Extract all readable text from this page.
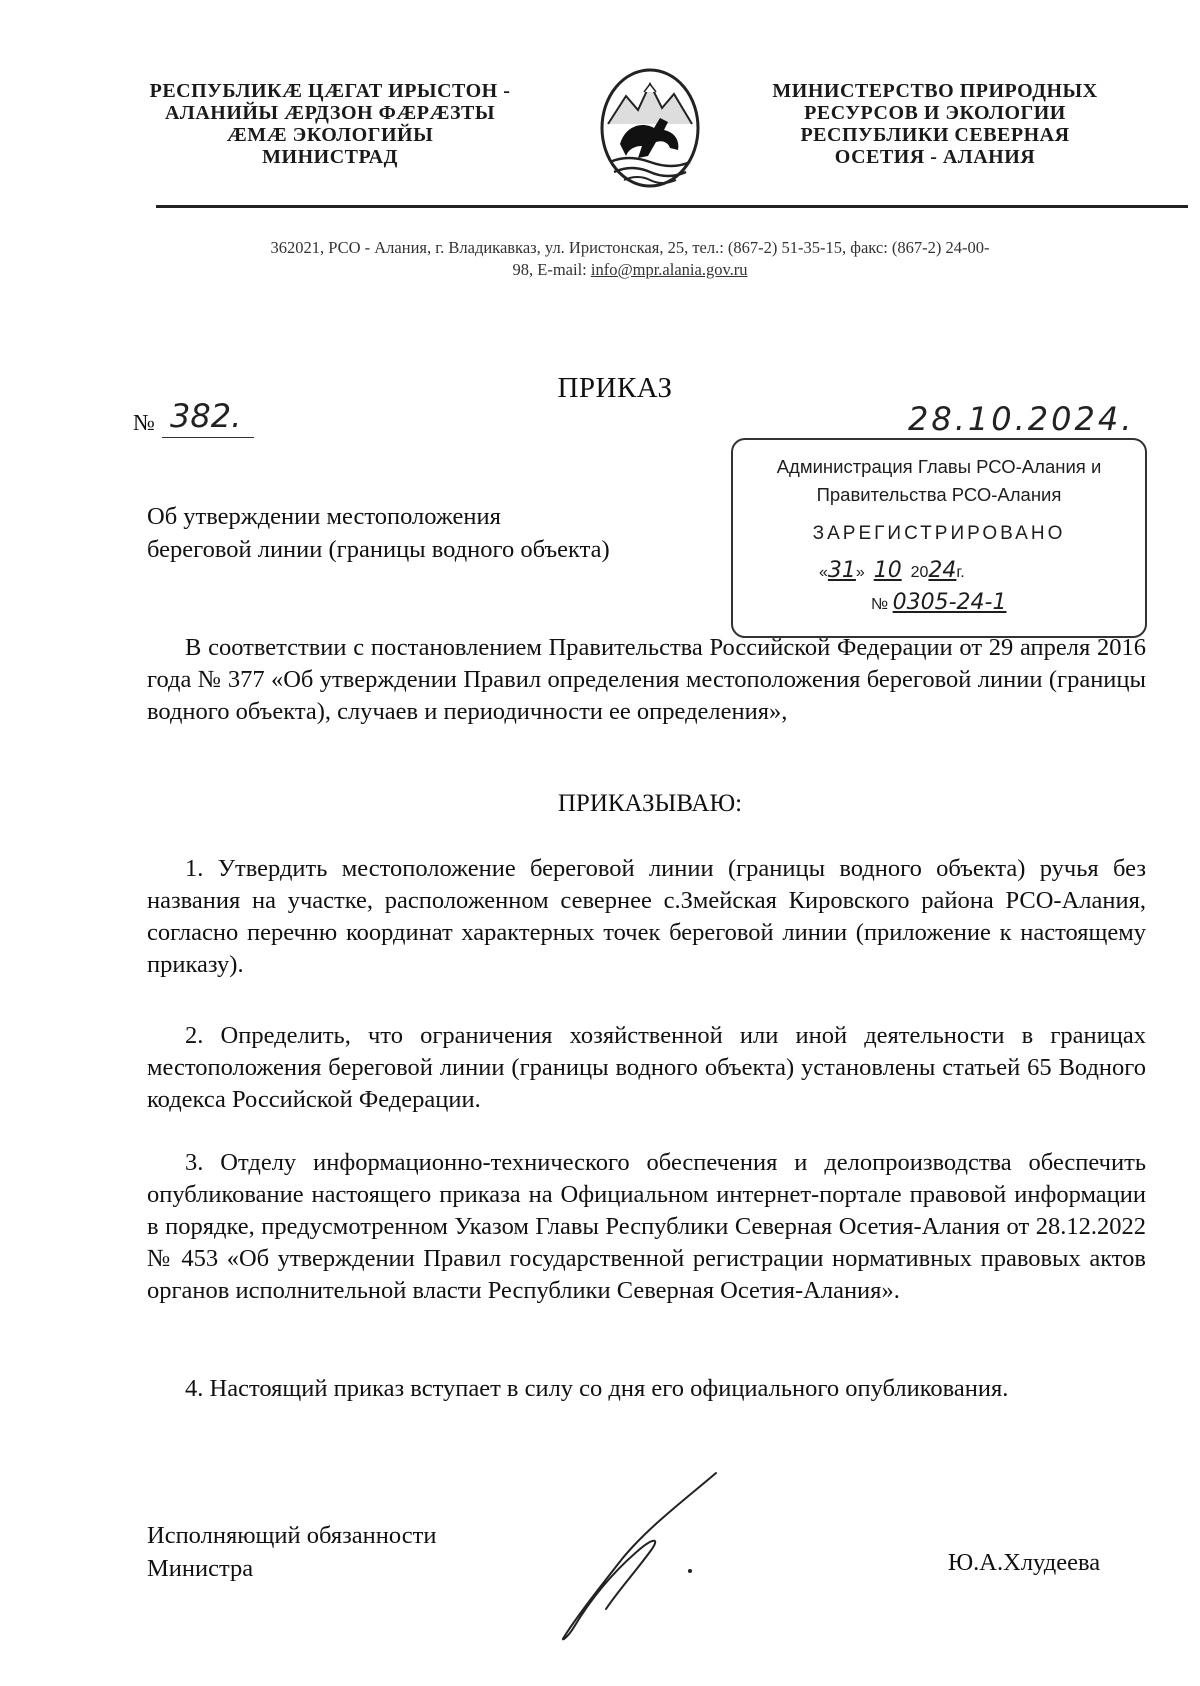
РЕСПУБЛИКӔ ЦӔГАТ ИРЫСТОН -
АЛАНИЙЫ ӔРДЗОН ФӔРӔЗТЫ
ӔМӔ ЭКОЛОГИЙЫ
МИНИСТРАД
МИНИСТЕРСТВО ПРИРОДНЫХ
РЕСУРСОВ И ЭКОЛОГИИ
РЕСПУБЛИКИ СЕВЕРНАЯ
ОСЕТИЯ - АЛАНИЯ
362021, РСО - Алания, г. Владикавказ, ул. Иристонская, 25, тел.: (867-2) 51-35-15, факс: (867-2) 24-00-
98, E-mail: info@mpr.alania.gov.ru
ПРИКАЗ
№ 382.	28.10.2024.
Администрация Главы РСО-Алания и
Правительства РСО-Алания
ЗАРЕГИСТРИРОВАНО
«31» 10 2024г.
№ 0305-24-1
Об утверждении местоположения
береговой линии (границы водного объекта)
В соответствии с постановлением Правительства Российской Федерации от 29 апреля 2016 года № 377 «Об утверждении Правил определения местоположения береговой линии (границы водного объекта), случаев и периодичности ее определения»,
ПРИКАЗЫВАЮ:
1. Утвердить местоположение береговой линии (границы водного объекта) ручья без названия на участке, расположенном севернее с.Змейская Кировского района РСО-Алания, согласно перечню координат характерных точек береговой линии (приложение к настоящему приказу).
2. Определить, что ограничения хозяйственной или иной деятельности в границах местоположения береговой линии (границы водного объекта) установлены статьей 65 Водного кодекса Российской Федерации.
3. Отделу информационно-технического обеспечения и делопроизводства обеспечить опубликование настоящего приказа на Официальном интернет-портале правовой информации в порядке, предусмотренном Указом Главы Республики Северная Осетия-Алания от 28.12.2022 № 453 «Об утверждении Правил государственной регистрации нормативных правовых актов органов исполнительной власти Республики Северная Осетия-Алания».
4. Настоящий приказ вступает в силу со дня его официального опубликования.
Исполняющий обязанности
Министра	Ю.А.Хлудеева
